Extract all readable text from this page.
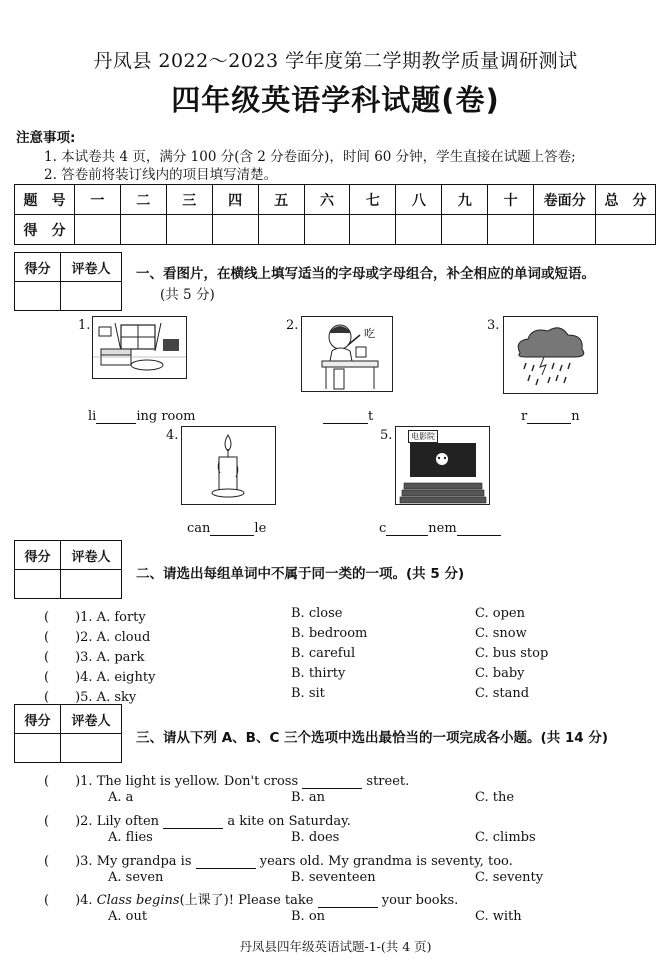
丹凤县 2022～2023 学年度第二学期教学质量调研测试
四年级英语学科试题(卷)
注意事项:
1. 本试卷共 4 页，满分 100 分(含 2 分卷面分)，时间 60 分钟，学生直接在试题上答卷;
2. 答卷前将装订线内的项目填写清楚。
题　号	一	二	三	四	五	六	七	八	九	十	卷面分	总　分
得　分												
得分	评卷人
	一、看图片，在横线上填写适当的字母或字母组合，补全相应的单词或短语。
(共 5 分)
1.
li	ing room
2.
吃
t
3.
r	n
4.
can	le
5.	电影院
c	nem
得分	评卷人

二、请选出每组单词中不属于同一类的一项。(共 5 分)
(　　)1. A. forty	B. close	C. open
(　　)2. A. cloud	B. bedroom	C. snow
(　　)3. A. park	B. careful	C. bus stop
(　　)4. A. eighty	B. thirty	C. baby
(　　)5. A. sky	B. sit	C. stand
得分	评卷人

三、请从下列 A、B、C 三个选项中选出最恰当的一项完成各小题。(共 14 分)
(　　)1. The light is yellow. Don't cross	street.
A. a	B. an	C. the
(　　)2. Lily often	a kite on Saturday.
A. flies	B. does	C. climbs
(　　)3. My grandpa is	years old. My grandma is seventy, too.
A. seven	B. seventeen	C. seventy
(　　)4. Class begins(上课了)! Please take	your books.
A. out	B. on	C. with
丹凤县四年级英语试题-1-(共 4 页)
